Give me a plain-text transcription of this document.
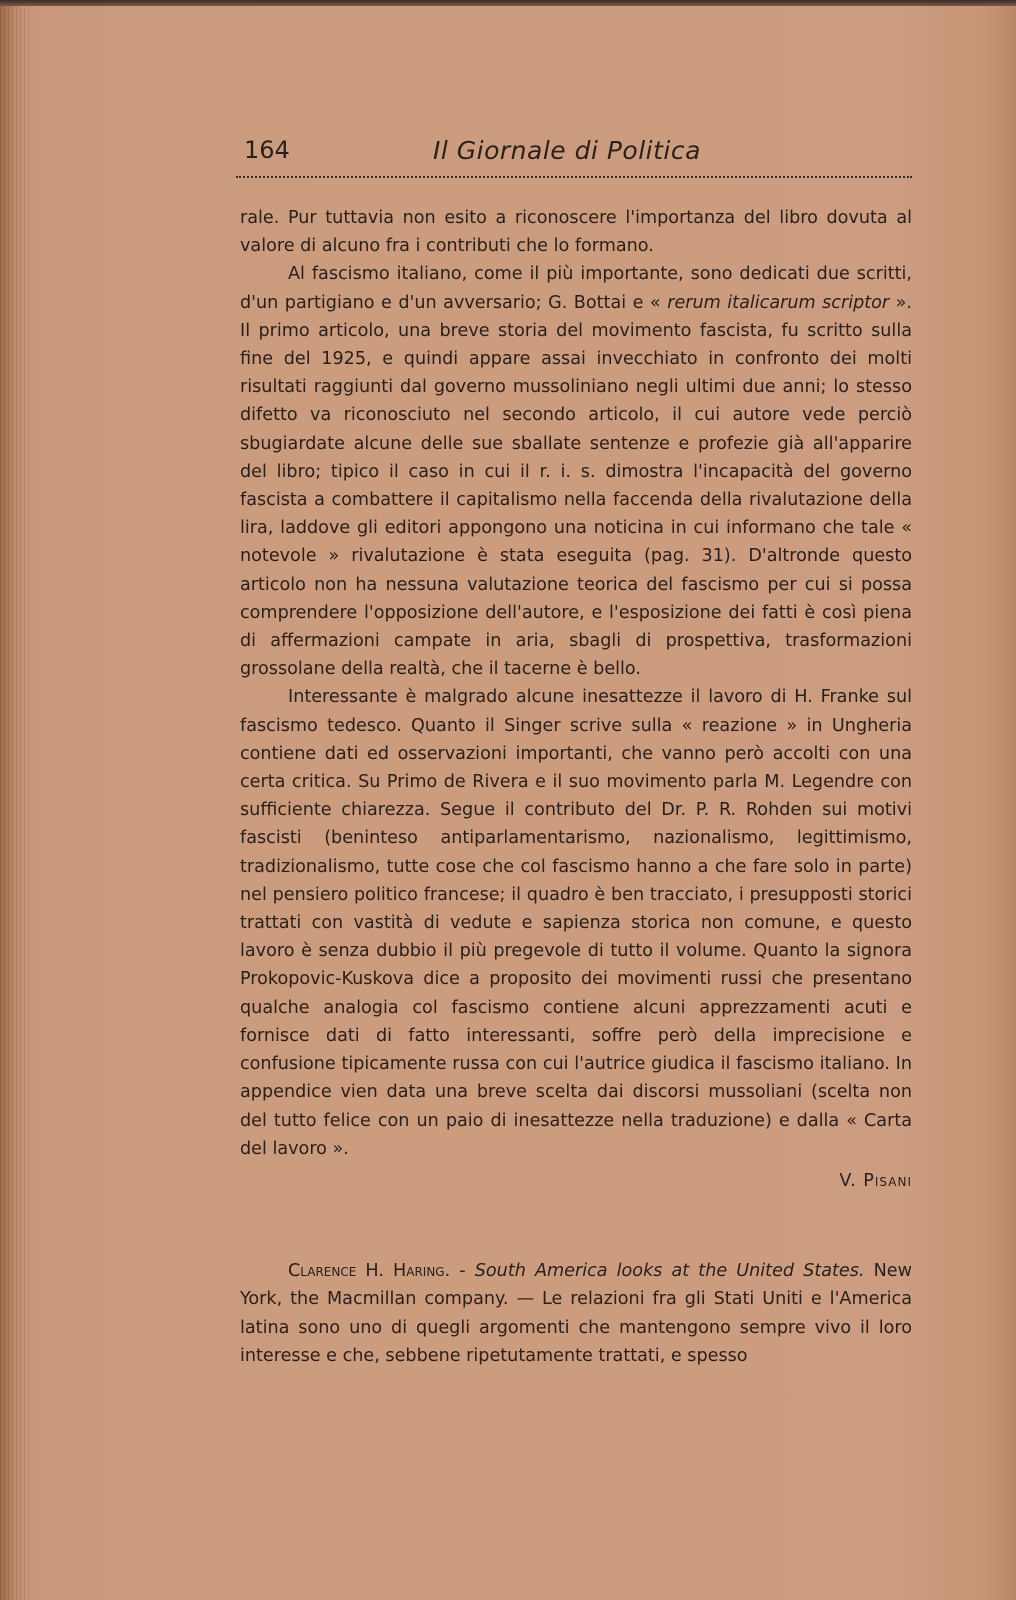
164	Il Giornale di Politica

rale. Pur tuttavia non esito a riconoscere l'importanza del libro dovuta al valore di alcuno fra i contributi che lo formano.

Al fascismo italiano, come il più importante, sono dedicati due scritti, d'un partigiano e d'un avversario; G. Bottai e « rerum italicarum scriptor ». Il primo articolo, una breve storia del movimento fascista, fu scritto sulla fine del 1925, e quindi appare assai invecchiato in confronto dei molti risultati raggiunti dal governo mussoliniano negli ultimi due anni; lo stesso difetto va riconosciuto nel secondo articolo, il cui autore vede perciò sbugiardate alcune delle sue sballate sentenze e profezie già all'apparire del libro; tipico il caso in cui il r. i. s. dimostra l'incapacità del governo fascista a combattere il capitalismo nella faccenda della rivalutazione della lira, laddove gli editori appongono una noticina in cui informano che tale « notevole » rivalutazione è stata eseguita (pag. 31). D'altronde questo articolo non ha nessuna valutazione teorica del fascismo per cui si possa comprendere l'opposizione dell'autore, e l'esposizione dei fatti è così piena di affermazioni campate in aria, sbagli di prospettiva, trasformazioni grossolane della realtà, che il tacerne è bello.

Interessante è malgrado alcune inesattezze il lavoro di H. Franke sul fascismo tedesco. Quanto il Singer scrive sulla « reazione » in Ungheria contiene dati ed osservazioni importanti, che vanno però accolti con una certa critica. Su Primo de Rivera e il suo movimento parla M. Legendre con sufficiente chiarezza. Segue il contributo del Dr. P. R. Rohden sui motivi fascisti (beninteso antiparlamentarismo, nazionalismo, legittimismo, tradizionalismo, tutte cose che col fascismo hanno a che fare solo in parte) nel pensiero politico francese; il quadro è ben tracciato, i presupposti storici trattati con vastità di vedute e sapienza storica non comune, e questo lavoro è senza dubbio il più pregevole di tutto il volume. Quanto la signora Prokopovic-Kuskova dice a proposito dei movimenti russi che presentano qualche analogia col fascismo contiene alcuni apprezzamenti acuti e fornisce dati di fatto interessanti, soffre però della imprecisione e confusione tipicamente russa con cui l'autrice giudica il fascismo italiano. In appendice vien data una breve scelta dai discorsi mussoliani (scelta non del tutto felice con un paio di inesattezze nella traduzione) e dalla « Carta del lavoro ».

V. Pisani

Clarence H. Haring. - South America looks at the United States. New York, the Macmillan company. — Le relazioni fra gli Stati Uniti e l'America latina sono uno di quegli argomenti che mantengono sempre vivo il loro interesse e che, sebbene ripetutamente trattati, e spesso
